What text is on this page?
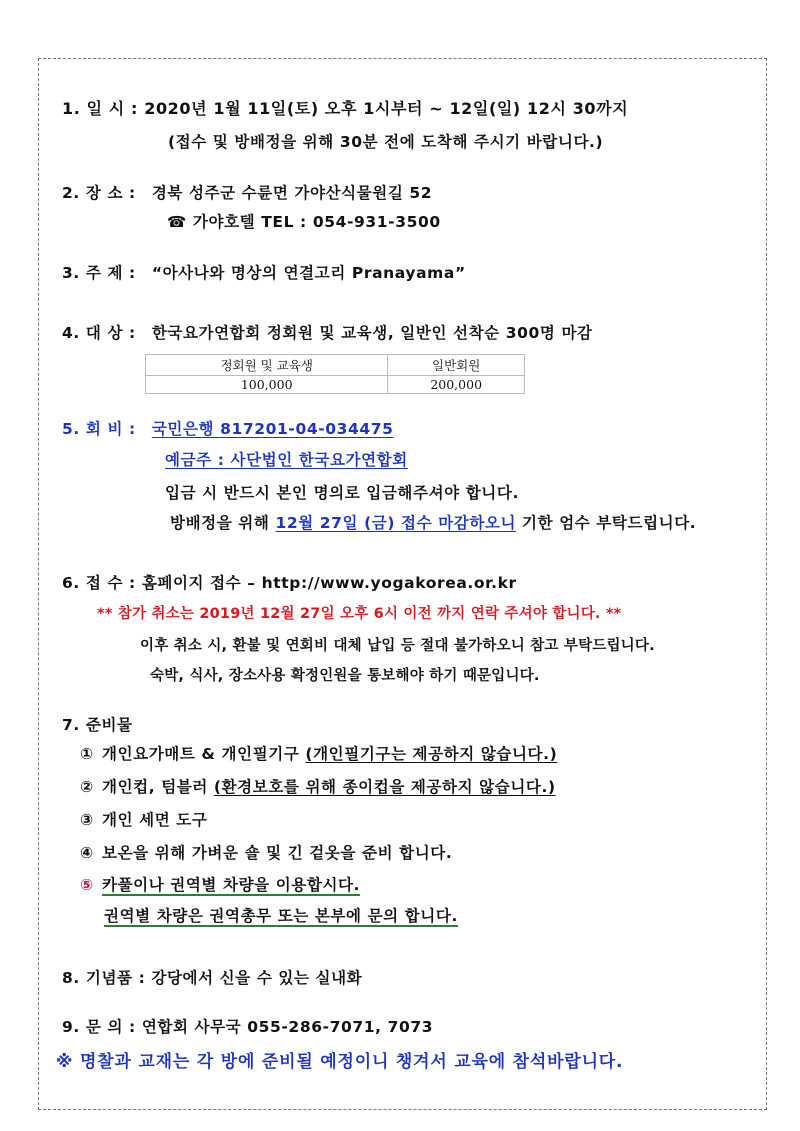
1. 일 시 : 2020년 1월 11일(토) 오후 1시부터 ~ 12일(일) 12시 30까지
(접수 및 방배정을 위해 30분 전에 도착해 주시기 바랍니다.)
2. 장 소 : 경북 성주군 수륜면 가야산식물원길 52
☎ 가야호텔 TEL : 054-931-3500
3. 주 제 : “아사나와 명상의 연결고리 Pranayama”
4. 대 상 : 한국요가연합회 정회원 및 교육생, 일반인 선착순 300명 마감
정회원 및 교육생	일반회원
100,000	200,000
5. 회 비 : 국민은행 817201-04-034475
예금주 : 사단법인 한국요가연합회
입금 시 반드시 본인 명의로 입금해주셔야 합니다.
방배정을 위해 12월 27일 (금) 접수 마감하오니 기한 엄수 부탁드립니다.
6. 접 수 : 홈페이지 접수 – http://www.yogakorea.or.kr
** 참가 취소는 2019년 12월 27일 오후 6시 이전 까지 연락 주셔야 합니다. **
이후 취소 시, 환불 및 연회비 대체 납입 등 절대 불가하오니 참고 부탁드립니다.
숙박, 식사, 장소사용 확정인원을 통보해야 하기 때문입니다.
7. 준비물
① 개인요가매트 & 개인필기구 (개인필기구는 제공하지 않습니다.)
② 개인컵, 텀블러 (환경보호를 위해 종이컵을 제공하지 않습니다.)
③ 개인 세면 도구
④ 보온을 위해 가벼운 숄 및 긴 겉옷을 준비 합니다.
⑤ 카풀이나 권역별 차량을 이용합시다.
권역별 차량은 권역총무 또는 본부에 문의 합니다.
8. 기념품 : 강당에서 신을 수 있는 실내화
9. 문 의 : 연합회 사무국 055-286-7071, 7073
※ 명찰과 교재는 각 방에 준비될 예정이니 챙겨서 교육에 참석바랍니다.
